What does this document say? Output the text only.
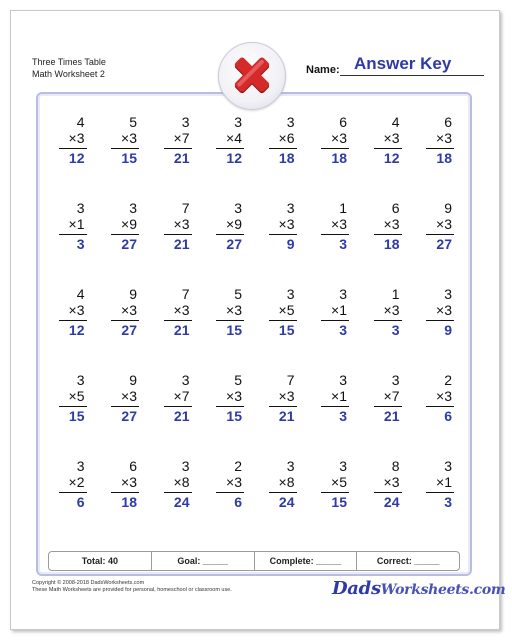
Three Times Table
Math Worksheet 2	Name: Answer Key
4
×3
12
5
×3
15
3
×7
21
3
×4
12
3
×6
18
6
×3
18
4
×3
12
6
×3
18
3
×1
3
3
×9
27
7
×3
21
3
×9
27
3
×3
9
1
×3
3
6
×3
18
9
×3
27
4
×3
12
9
×3
27
7
×3
21
5
×3
15
3
×5
15
3
×1
3
1
×3
3
3
×3
9
3
×5
15
9
×3
27
3
×7
21
5
×3
15
7
×3
21
3
×1
3
3
×7
21
2
×3
6
3
×2
6
6
×3
18
3
×8
24
2
×3
6
3
×8
24
3
×5
15
8
×3
24
3
×1
3
Total: 40	Goal: _____	Complete: _____	Correct: _____
Copyright © 2008-2018 DadsWorksheets.com
These Math Worksheets are provided for personal, homeschool or classroom use.	DadsWorksheets.com
